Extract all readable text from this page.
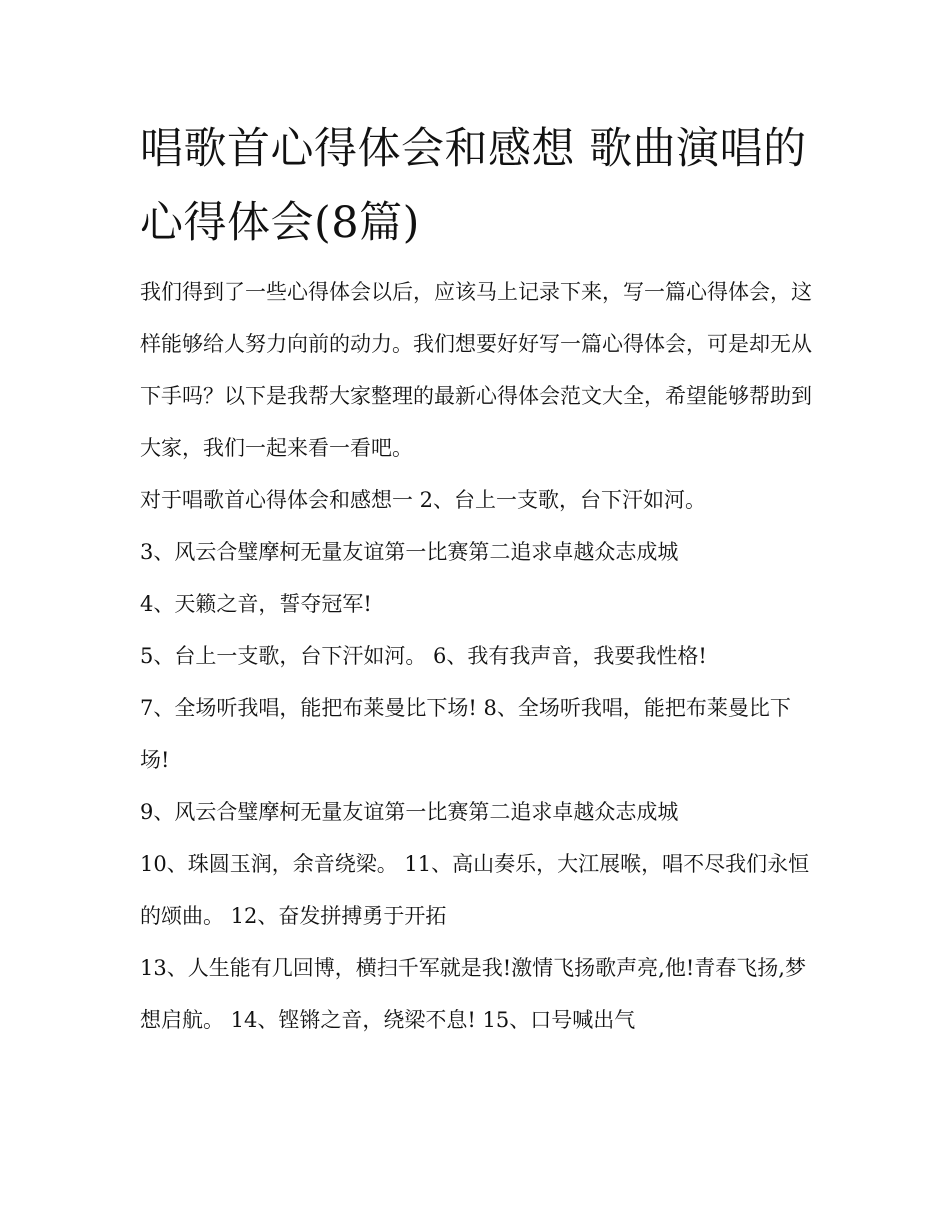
唱歌首心得体会和感想 歌曲演唱的心得体会(8篇)

我们得到了一些心得体会以后，应该马上记录下来，写一篇心得体会，这样能够给人努力向前的动力。我们想要好好写一篇心得体会，可是却无从下手吗？以下是我帮大家整理的最新心得体会范文大全，希望能够帮助到大家，我们一起来看一看吧。

对于唱歌首心得体会和感想一 2、台上一支歌，台下汗如河。
3、风云合璧摩柯无量友谊第一比赛第二追求卓越众志成城
4、天籁之音，誓夺冠军!
5、台上一支歌，台下汗如河。 6、我有我声音，我要我性格!
7、全场听我唱，能把布莱曼比下场! 8、全场听我唱，能把布莱曼比下场!
9、风云合璧摩柯无量友谊第一比赛第二追求卓越众志成城
10、珠圆玉润，余音绕梁。 11、高山奏乐，大江展喉，唱不尽我们永恒的颂曲。 12、奋发拼搏勇于开拓
13、人生能有几回博，横扫千军就是我!激情飞扬歌声亮,他!青春飞扬,梦想启航。 14、铿锵之音，绕梁不息! 15、口号喊出气
